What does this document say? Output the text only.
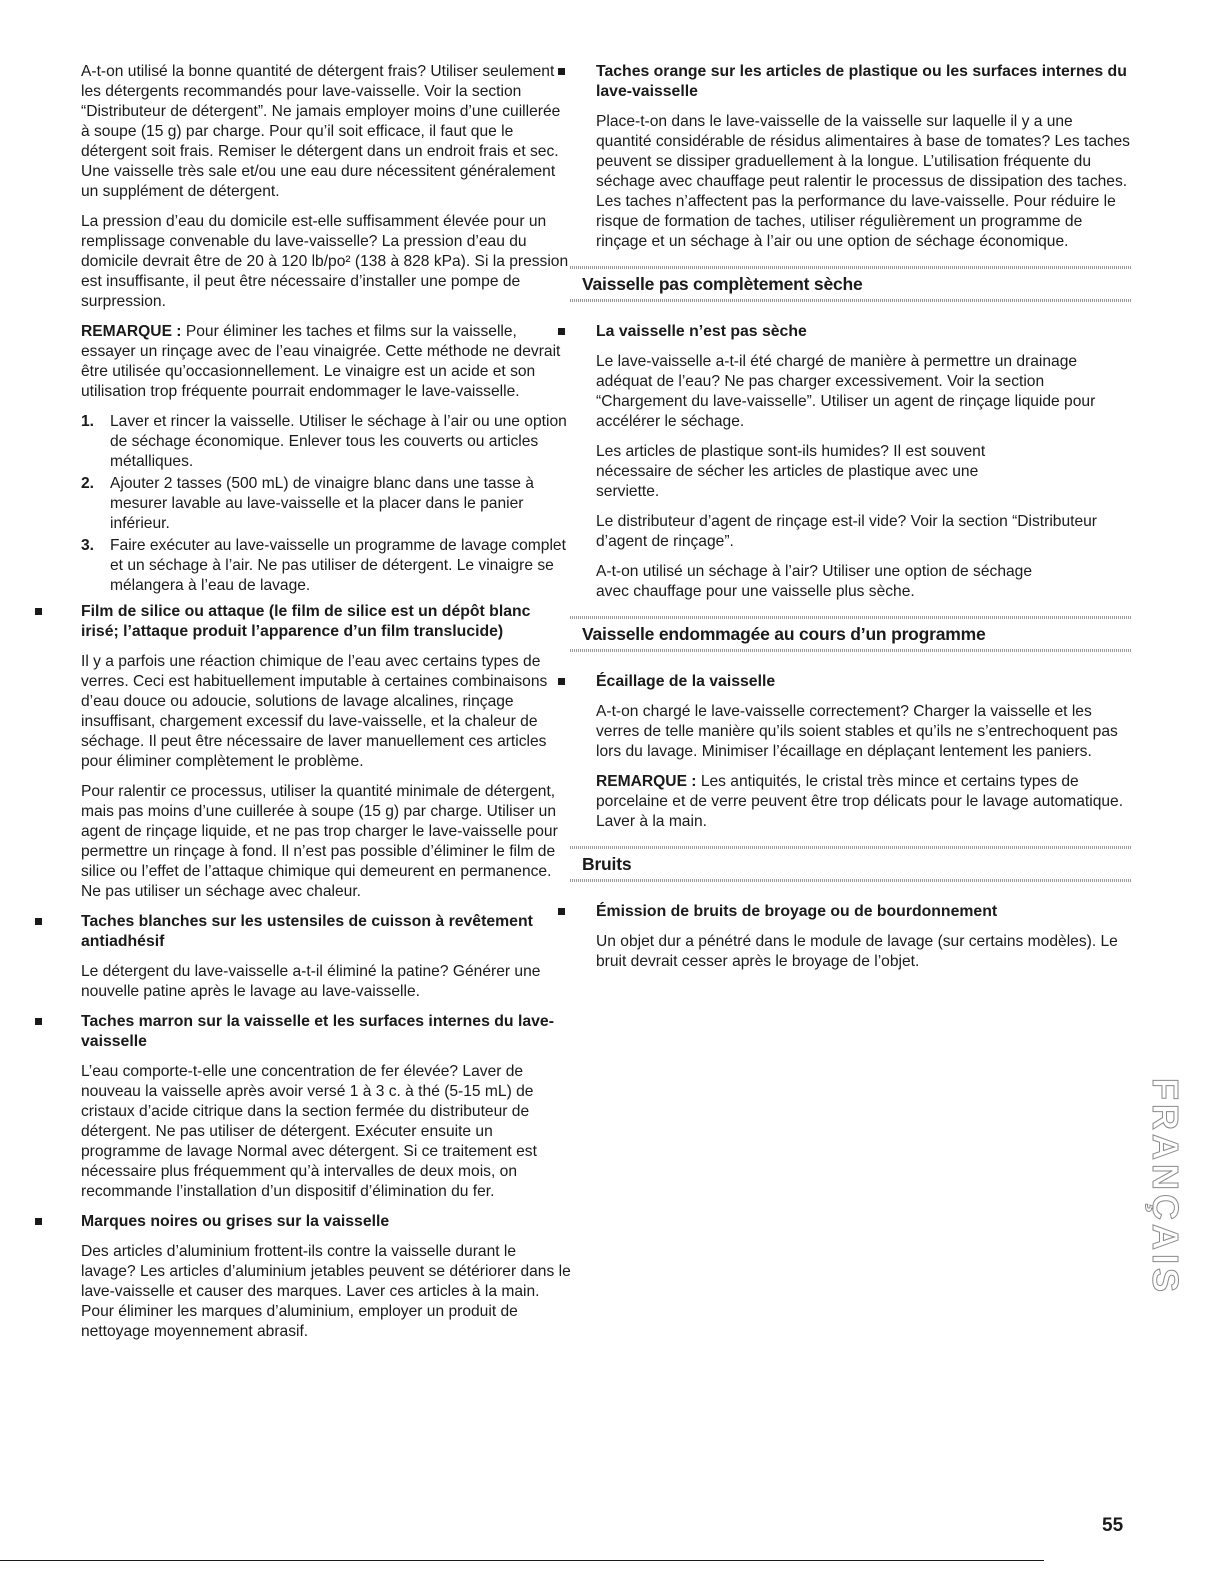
A-t-on utilisé la bonne quantité de détergent frais? Utiliser seulement les détergents recommandés pour lave-vaisselle. Voir la section “Distributeur de détergent”. Ne jamais employer moins d’une cuillerée à soupe (15 g) par charge. Pour qu’il soit efficace, il faut que le détergent soit frais. Remiser le détergent dans un endroit frais et sec. Une vaisselle très sale et/ou une eau dure nécessitent généralement un supplément de détergent.

La pression d’eau du domicile est-elle suffisamment élevée pour un remplissage convenable du lave-vaisselle? La pression d’eau du domicile devrait être de 20 à 120 lb/po² (138 à 828 kPa). Si la pression est insuffisante, il peut être nécessaire d’installer une pompe de surpression.

REMARQUE : Pour éliminer les taches et films sur la vaisselle, essayer un rinçage avec de l’eau vinaigrée. Cette méthode ne devrait être utilisée qu’occasionnellement. Le vinaigre est un acide et son utilisation trop fréquente pourrait endommager le lave-vaisselle.

1. Laver et rincer la vaisselle. Utiliser le séchage à l’air ou une option de séchage économique. Enlever tous les couverts ou articles métalliques.
2. Ajouter 2 tasses (500 mL) de vinaigre blanc dans une tasse à mesurer lavable au lave-vaisselle et la placer dans le panier inférieur.
3. Faire exécuter au lave-vaisselle un programme de lavage complet et un séchage à l’air. Ne pas utiliser de détergent. Le vinaigre se mélangera à l’eau de lavage.
Film de silice ou attaque (le film de silice est un dépôt blanc irisé; l’attaque produit l’apparence d’un film translucide)

Il y a parfois une réaction chimique de l’eau avec certains types de verres. Ceci est habituellement imputable à certaines combinaisons d’eau douce ou adoucie, solutions de lavage alcalines, rinçage insuffisant, chargement excessif du lave-vaisselle, et la chaleur de séchage. Il peut être nécessaire de laver manuellement ces articles pour éliminer complètement le problème.

Pour ralentir ce processus, utiliser la quantité minimale de détergent, mais pas moins d’une cuillerée à soupe (15 g) par charge. Utiliser un agent de rinçage liquide, et ne pas trop charger le lave-vaisselle pour permettre un rinçage à fond. Il n’est pas possible d’éliminer le film de silice ou l’effet de l’attaque chimique qui demeurent en permanence. Ne pas utiliser un séchage avec chaleur.

Taches blanches sur les ustensiles de cuisson à revêtement antiadhésif

Le détergent du lave-vaisselle a-t-il éliminé la patine? Générer une nouvelle patine après le lavage au lave-vaisselle.

Taches marron sur la vaisselle et les surfaces internes du lave-vaisselle

L’eau comporte-t-elle une concentration de fer élevée? Laver de nouveau la vaisselle après avoir versé 1 à 3 c. à thé (5-15 mL) de cristaux d’acide citrique dans la section fermée du distributeur de détergent. Ne pas utiliser de détergent. Exécuter ensuite un programme de lavage Normal avec détergent. Si ce traitement est nécessaire plus fréquemment qu’à intervalles de deux mois, on recommande l’installation d’un dispositif d’élimination du fer.

Marques noires ou grises sur la vaisselle

Des articles d’aluminium frottent-ils contre la vaisselle durant le lavage? Les articles d’aluminium jetables peuvent se détériorer dans le lave-vaisselle et causer des marques. Laver ces articles à la main. Pour éliminer les marques d’aluminium, employer un produit de nettoyage moyennement abrasif.

Taches orange sur les articles de plastique ou les surfaces internes du lave-vaisselle

Place-t-on dans le lave-vaisselle de la vaisselle sur laquelle il y a une quantité considérable de résidus alimentaires à base de tomates? Les taches peuvent se dissiper graduellement à la longue. L’utilisation fréquente du séchage avec chauffage peut ralentir le processus de dissipation des taches. Les taches n’affectent pas la performance du lave-vaisselle. Pour réduire le risque de formation de taches, utiliser régulièrement un programme de rinçage et un séchage à l’air ou une option de séchage économique.

Vaisselle pas complètement sèche
La vaisselle n’est pas sèche

Le lave-vaisselle a-t-il été chargé de manière à permettre un drainage adéquat de l’eau? Ne pas charger excessivement. Voir la section “Chargement du lave-vaisselle”. Utiliser un agent de rinçage liquide pour accélérer le séchage.

Les articles de plastique sont-ils humides? Il est souvent nécessaire de sécher les articles de plastique avec une serviette.

Le distributeur d’agent de rinçage est-il vide? Voir la section “Distributeur d’agent de rinçage”.

A-t-on utilisé un séchage à l’air? Utiliser une option de séchage avec chauffage pour une vaisselle plus sèche.

Vaisselle endommagée au cours d’un programme
Écaillage de la vaisselle

A-t-on chargé le lave-vaisselle correctement? Charger la vaisselle et les verres de telle manière qu’ils soient stables et qu’ils ne s’entrechoquent pas lors du lavage. Minimiser l’écaillage en déplaçant lentement les paniers.

REMARQUE : Les antiquités, le cristal très mince et certains types de porcelaine et de verre peuvent être trop délicats pour le lavage automatique. Laver à la main.

Bruits
Émission de bruits de broyage ou de bourdonnement

Un objet dur a pénétré dans le module de lavage (sur certains modèles). Le bruit devrait cesser après le broyage de l’objet.

FRANÇAIS
55
